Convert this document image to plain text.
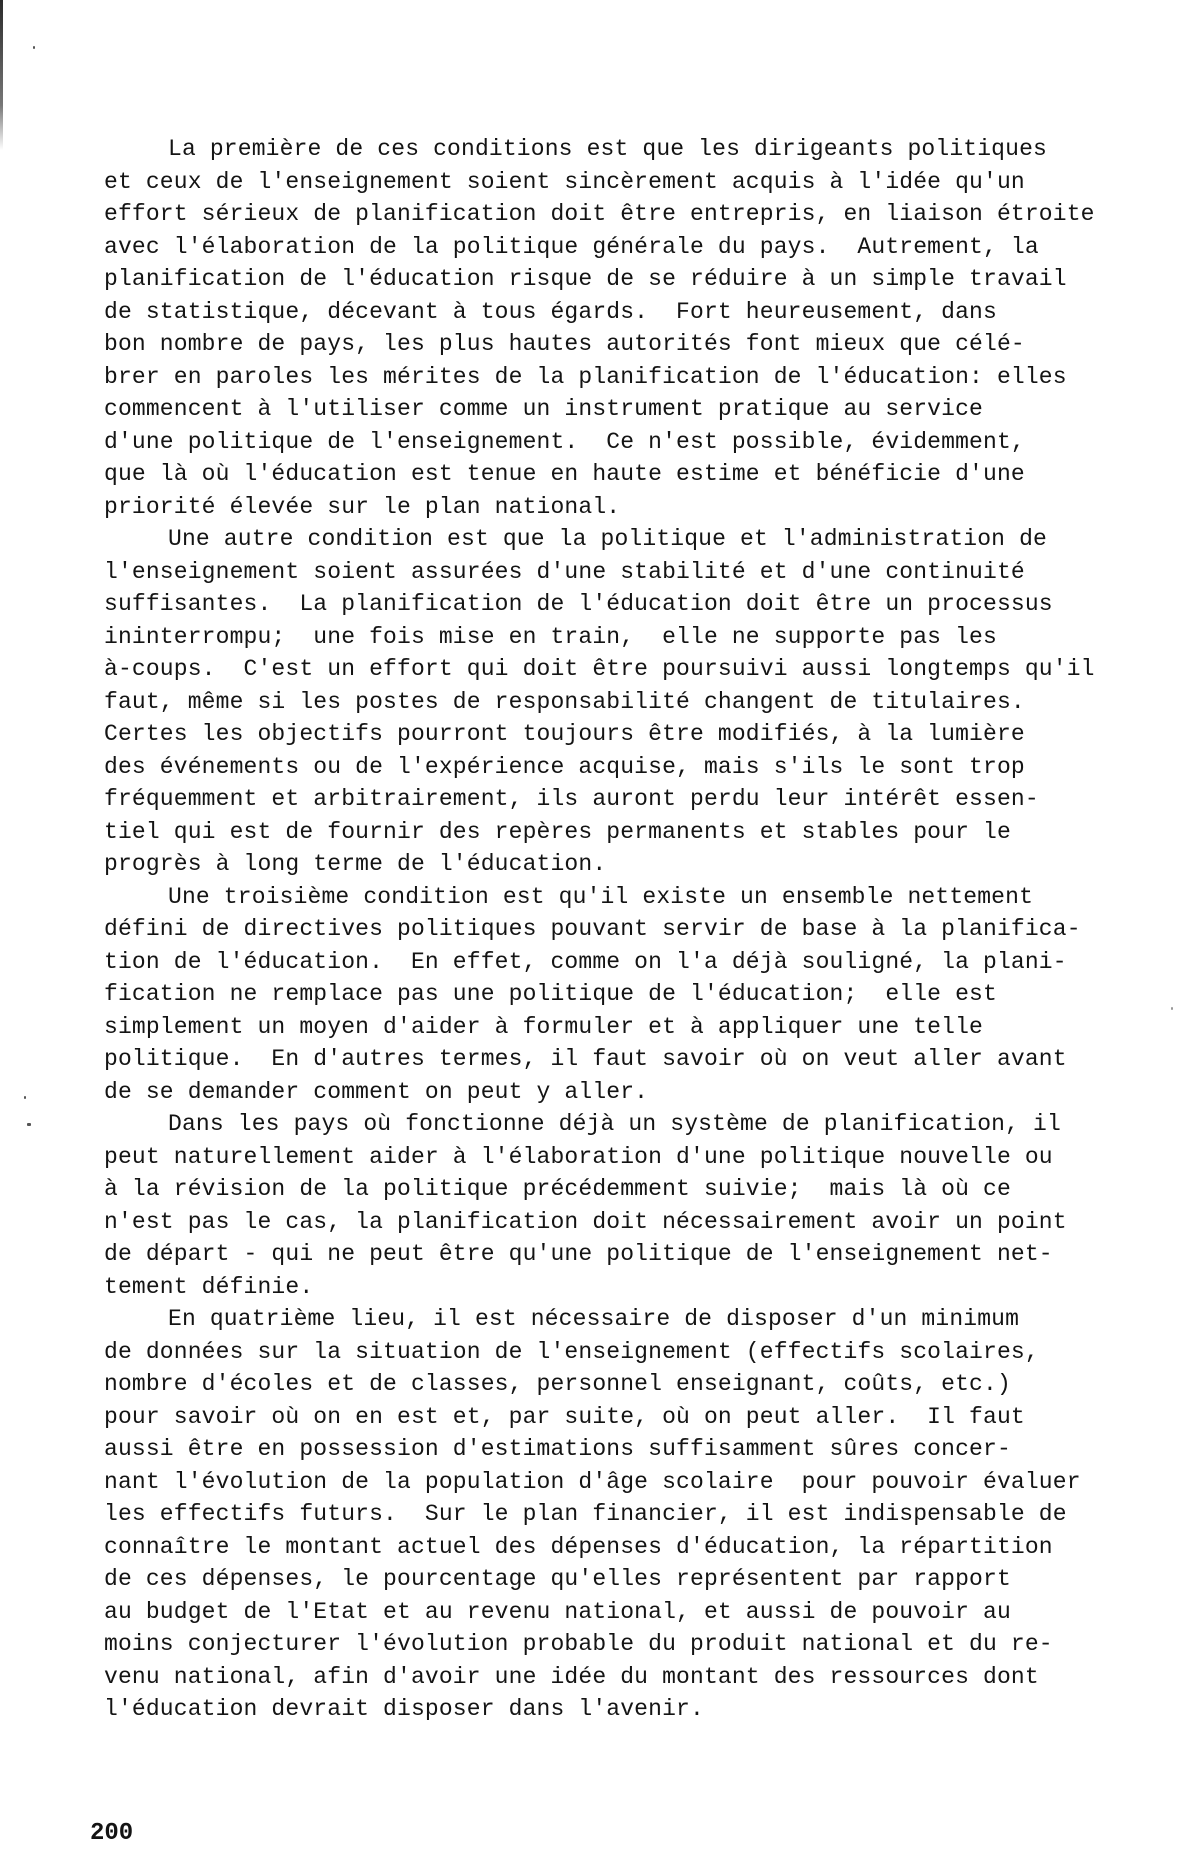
La première de ces conditions est que les dirigeants politiques
et ceux de l'enseignement soient sincèrement acquis à l'idée qu'un
effort sérieux de planification doit être entrepris, en liaison étroite
avec l'élaboration de la politique générale du pays.  Autrement, la
planification de l'éducation risque de se réduire à un simple travail
de statistique, décevant à tous égards.  Fort heureusement, dans
bon nombre de pays, les plus hautes autorités font mieux que célé-
brer en paroles les mérites de la planification de l'éducation: elles
commencent à l'utiliser comme un instrument pratique au service
d'une politique de l'enseignement.  Ce n'est possible, évidemment,
que là où l'éducation est tenue en haute estime et bénéficie d'une
priorité élevée sur le plan national.
Une autre condition est que la politique et l'administration de
l'enseignement soient assurées d'une stabilité et d'une continuité
suffisantes.  La planification de l'éducation doit être un processus
ininterrompu;  une fois mise en train,  elle ne supporte pas les
à-coups.  C'est un effort qui doit être poursuivi aussi longtemps qu'il
faut, même si les postes de responsabilité changent de titulaires.
Certes les objectifs pourront toujours être modifiés, à la lumière
des événements ou de l'expérience acquise, mais s'ils le sont trop
fréquemment et arbitrairement, ils auront perdu leur intérêt essen-
tiel qui est de fournir des repères permanents et stables pour le
progrès à long terme de l'éducation.
Une troisième condition est qu'il existe un ensemble nettement
défini de directives politiques pouvant servir de base à la planifica-
tion de l'éducation.  En effet, comme on l'a déjà souligné, la plani-
fication ne remplace pas une politique de l'éducation;  elle est
simplement un moyen d'aider à formuler et à appliquer une telle
politique.  En d'autres termes, il faut savoir où on veut aller avant
de se demander comment on peut y aller.
Dans les pays où fonctionne déjà un système de planification, il
peut naturellement aider à l'élaboration d'une politique nouvelle ou
à la révision de la politique précédemment suivie;  mais là où ce
n'est pas le cas, la planification doit nécessairement avoir un point
de départ - qui ne peut être qu'une politique de l'enseignement net-
tement définie.
En quatrième lieu, il est nécessaire de disposer d'un minimum
de données sur la situation de l'enseignement (effectifs scolaires,
nombre d'écoles et de classes, personnel enseignant, coûts, etc.)
pour savoir où on en est et, par suite, où on peut aller.  Il faut
aussi être en possession d'estimations suffisamment sûres concer-
nant l'évolution de la population d'âge scolaire  pour pouvoir évaluer
les effectifs futurs.  Sur le plan financier, il est indispensable de
connaître le montant actuel des dépenses d'éducation, la répartition
de ces dépenses, le pourcentage qu'elles représentent par rapport
au budget de l'Etat et au revenu national, et aussi de pouvoir au
moins conjecturer l'évolution probable du produit national et du re-
venu national, afin d'avoir une idée du montant des ressources dont
l'éducation devrait disposer dans l'avenir.
200
